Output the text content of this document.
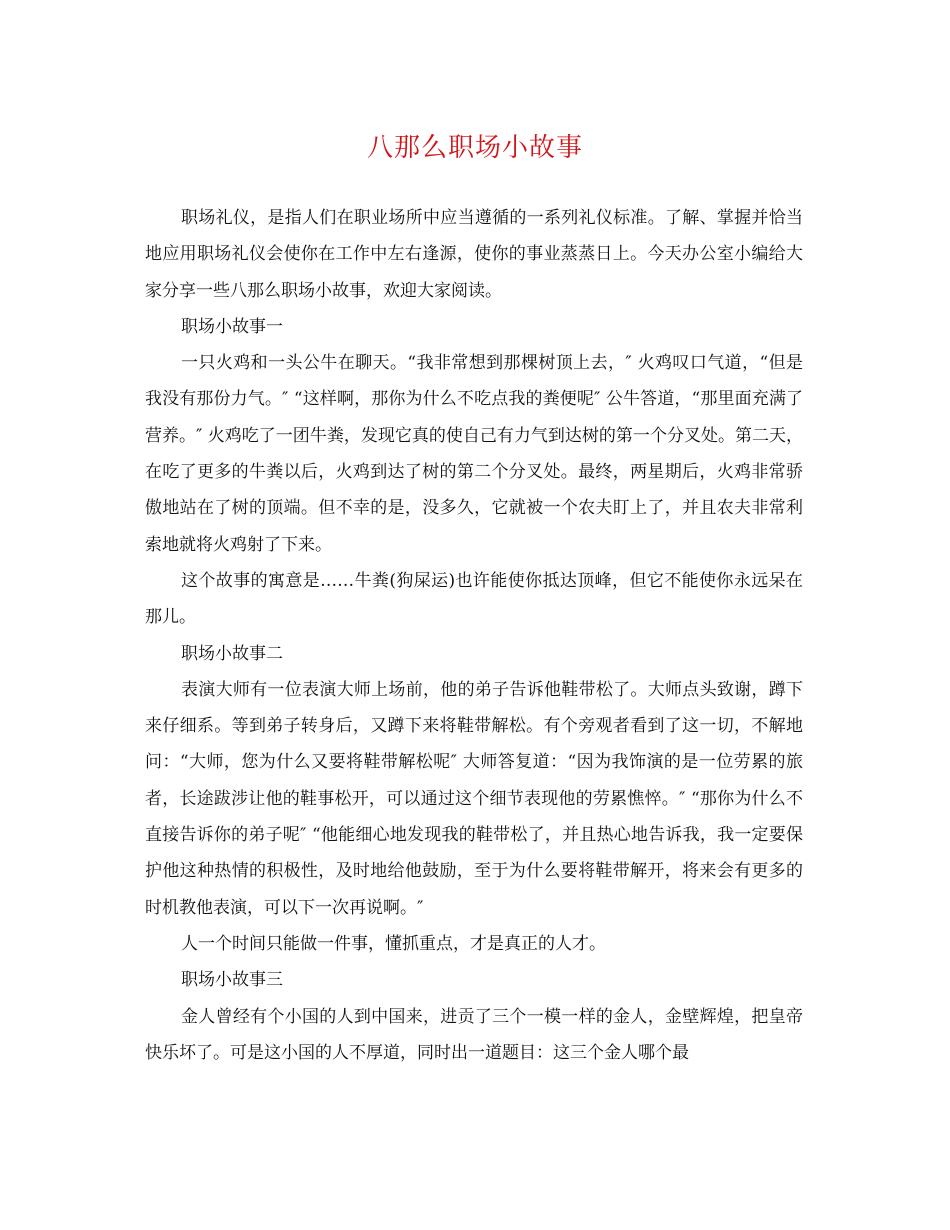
八那么职场小故事

职场礼仪，是指人们在职业场所中应当遵循的一系列礼仪标准。了解、掌握并恰当地应用职场礼仪会使你在工作中左右逢源，使你的事业蒸蒸日上。今天办公室小编给大家分享一些八那么职场小故事，欢迎大家阅读。

职场小故事一

一只火鸡和一头公牛在聊天。“我非常想到那棵树顶上去，″ 火鸡叹口气道，“但是我没有那份力气。″ “这样啊，那你为什么不吃点我的粪便呢″ 公牛答道，“那里面充满了营养。″ 火鸡吃了一团牛粪，发现它真的使自己有力气到达树的第一个分叉处。第二天，在吃了更多的牛粪以后，火鸡到达了树的第二个分叉处。最终，两星期后，火鸡非常骄傲地站在了树的顶端。但不幸的是，没多久，它就被一个农夫盯上了，并且农夫非常利索地就将火鸡射了下来。

这个故事的寓意是……牛粪(狗屎运)也许能使你抵达顶峰，但它不能使你永远呆在那儿。

职场小故事二

表演大师有一位表演大师上场前，他的弟子告诉他鞋带松了。大师点头致谢，蹲下来仔细系。等到弟子转身后，又蹲下来将鞋带解松。有个旁观者看到了这一切，不解地问：“大师，您为什么又要将鞋带解松呢″ 大师答复道：“因为我饰演的是一位劳累的旅者，长途跋涉让他的鞋事松开，可以通过这个细节表现他的劳累憔悴。″ “那你为什么不直接告诉你的弟子呢″ “他能细心地发现我的鞋带松了，并且热心地告诉我，我一定要保护他这种热情的积极性，及时地给他鼓励，至于为什么要将鞋带解开，将来会有更多的时机教他表演，可以下一次再说啊。″

人一个时间只能做一件事，懂抓重点，才是真正的人才。

职场小故事三

金人曾经有个小国的人到中国来，进贡了三个一模一样的金人，金壁辉煌，把皇帝快乐坏了。可是这小国的人不厚道，同时出一道题目：这三个金人哪个最
